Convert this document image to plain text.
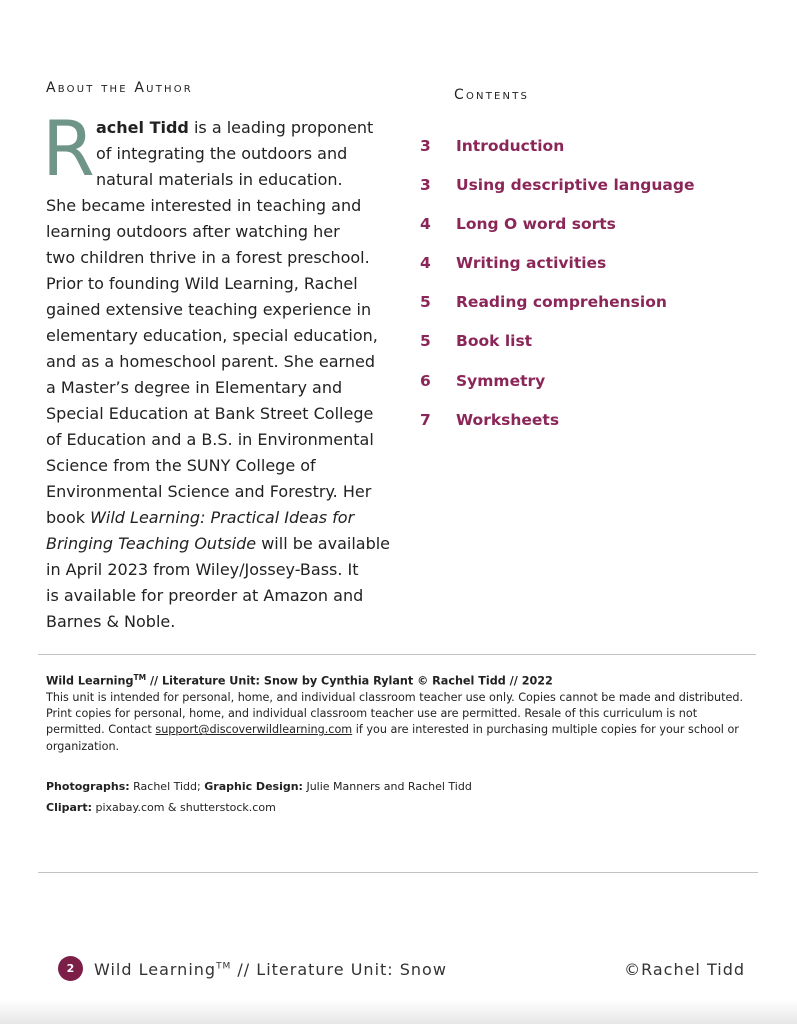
About the Author	Contents
R achel Tidd is a leading proponent
of integrating the outdoors and
natural materials in education.
She became interested in teaching and
learning outdoors after watching her
two children thrive in a forest preschool.
Prior to founding Wild Learning, Rachel
gained extensive teaching experience in
elementary education, special education,
and as a homeschool parent. She earned
a Master’s degree in Elementary and
Special Education at Bank Street College
of Education and a B.S. in Environmental
Science from the SUNY College of
Environmental Science and Forestry. Her
book Wild Learning: Practical Ideas for
Bringing Teaching Outside will be available
in April 2023 from Wiley/Jossey-Bass. It
is available for preorder at Amazon and
Barnes & Noble.
3	Introduction
3	Using descriptive language
4	Long O word sorts
4	Writing activities
5	Reading comprehension
5	Book list
6	Symmetry
7	Worksheets
Wild Learning™ // Literature Unit: Snow by Cynthia Rylant © Rachel Tidd // 2022
This unit is intended for personal, home, and individual classroom teacher use only. Copies cannot be made and distributed.
Print copies for personal, home, and individual classroom teacher use are permitted. Resale of this curriculum is not
permitted. Contact support@discoverwildlearning.com if you are interested in purchasing multiple copies for your school or
organization.
Photographs: Rachel Tidd; Graphic Design: Julie Manners and Rachel Tidd
Clipart: pixabay.com & shutterstock.com
2	Wild Learning™ // Literature Unit: Snow	©Rachel Tidd
